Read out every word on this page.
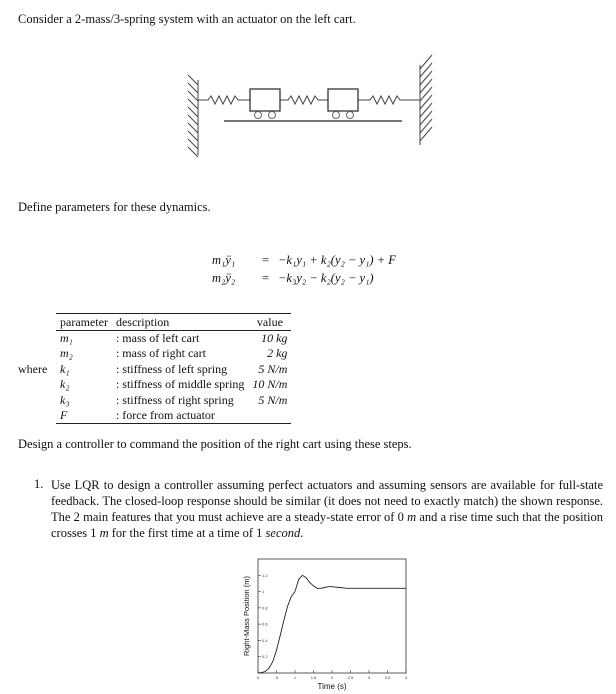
Consider a 2-mass/3-spring system with an actuator on the left cart.
Define parameters for these dynamics.
m₁ÿ₁ = −k₁y₁ + k₂(y₂ − y₁) + F
m₂ÿ₂ = −k₃y₂ − k₂(y₂ − y₁)
where
parameter	description	value
m₁	: mass of left cart	10 kg
m₂	: mass of right cart	2 kg
k₁	: stiffness of left spring	5 N/m
k₂	: stiffness of middle spring	10 N/m
k₃	: stiffness of right spring	5 N/m
F	: force from actuator	
Design a controller to command the position of the right cart using these steps.
1. Use LQR to design a controller assuming perfect actuators and assuming sensors are available for full-state feedback. The closed-loop response should be similar (it does not need to exactly match) the shown response. The 2 main features that you must achieve are a steady-state error of 0 m and a rise time such that the position crosses 1 m for the first time at a time of 1 second.
0	.5	1	1.5	2	2.5	3	3.5	4
0.2
0.4
0.6
0.8
1
1.2
Time (s)
Right-Mass Position (m)
